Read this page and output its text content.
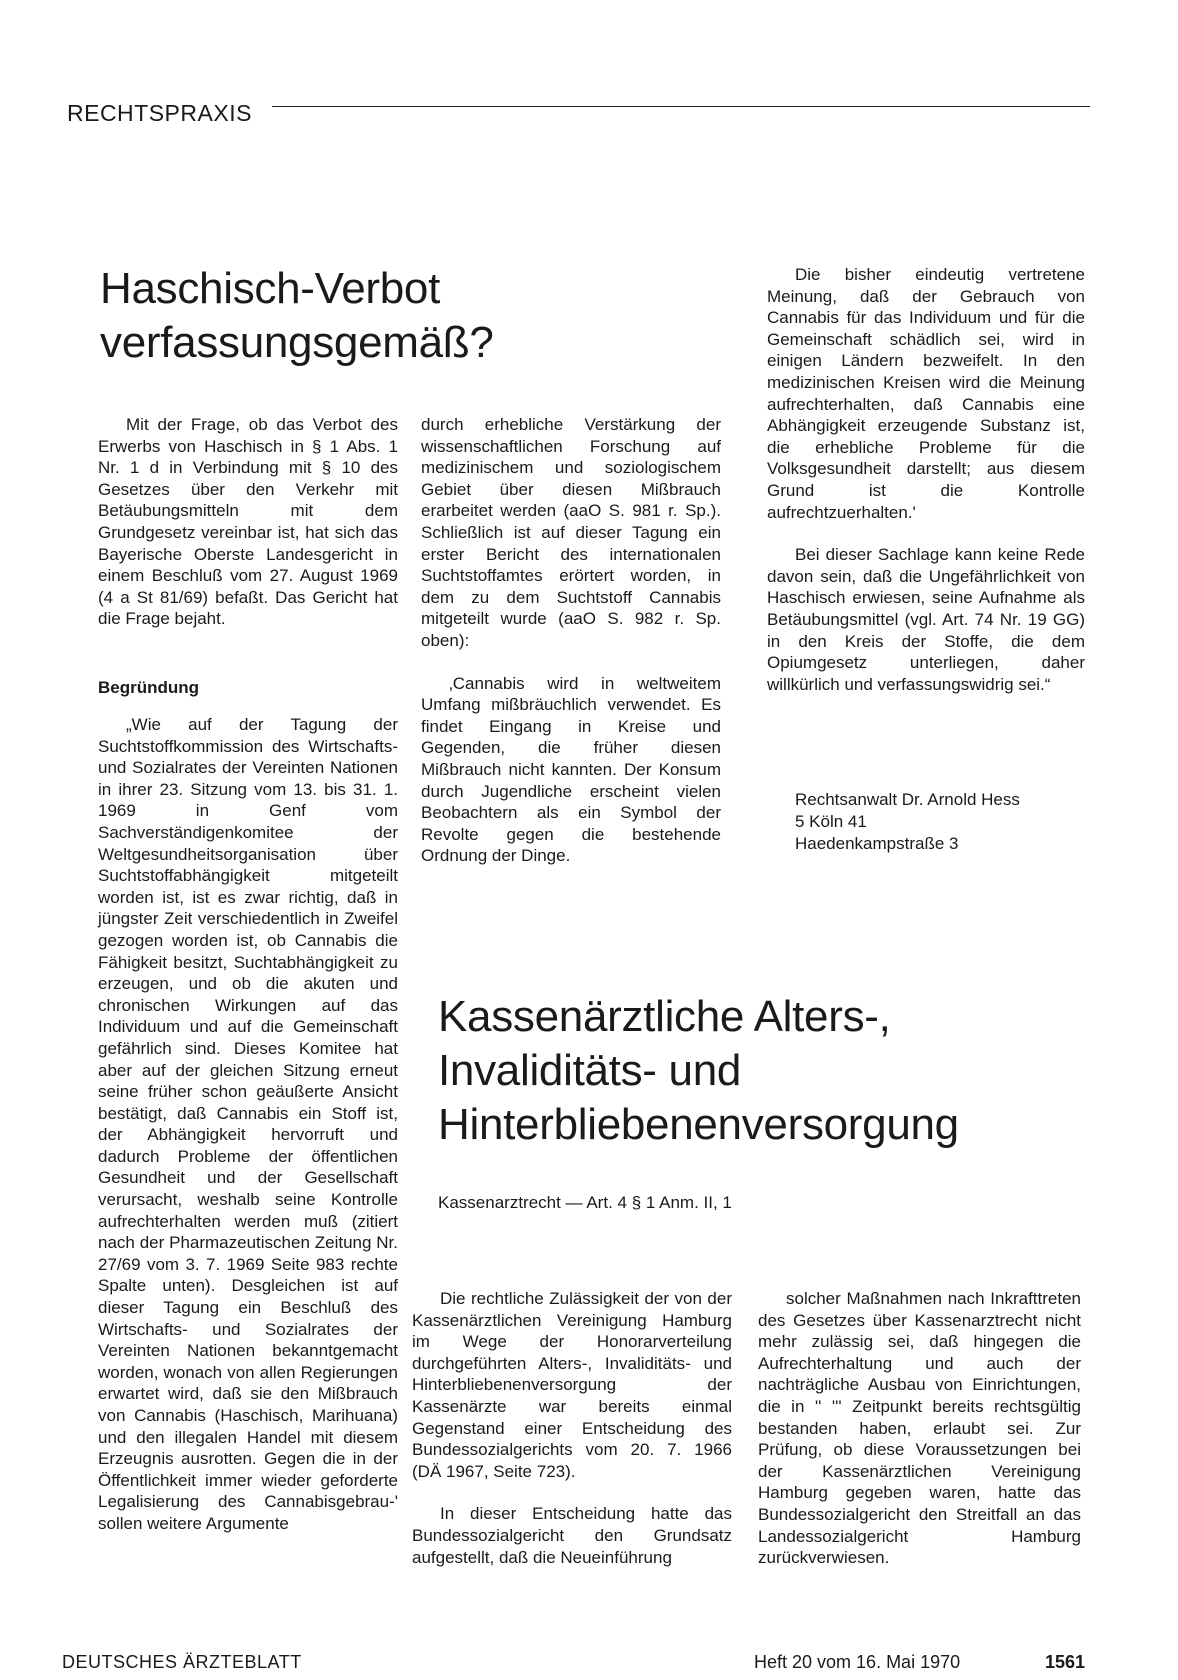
RECHTSPRAXIS
Haschisch-Verbot
verfassungsgemäß?

Mit der Frage, ob das Verbot des Erwerbs von Haschisch in § 1 Abs. 1 Nr. 1 d in Verbindung mit § 10 des Gesetzes über den Verkehr mit Betäubungsmitteln mit dem Grundgesetz vereinbar ist, hat sich das Bayerische Oberste Landesgericht in einem Beschluß vom 27. August 1969 (4 a St 81/69) befaßt. Das Gericht hat die Frage bejaht.

Begründung

„Wie auf der Tagung der Suchtstoffkommission des Wirtschafts- und Sozialrates der Vereinten Nationen in ihrer 23. Sitzung vom 13. bis 31. 1. 1969 in Genf vom Sachverständigenkomitee der Weltgesundheitsorganisation über Suchtstoffabhängigkeit mitgeteilt worden ist, ist es zwar richtig, daß in jüngster Zeit verschiedentlich in Zweifel gezogen worden ist, ob Cannabis die Fähigkeit besitzt, Suchtabhängigkeit zu erzeugen, und ob die akuten und chronischen Wirkungen auf das Individuum und auf die Gemeinschaft gefährlich sind. Dieses Komitee hat aber auf der gleichen Sitzung erneut seine früher schon geäußerte Ansicht bestätigt, daß Cannabis ein Stoff ist, der Abhängigkeit hervorruft und dadurch Probleme der öffentlichen Gesundheit und der Gesellschaft verursacht, weshalb seine Kontrolle aufrechterhalten werden muß (zitiert nach der Pharmazeutischen Zeitung Nr. 27/69 vom 3. 7. 1969 Seite 983 rechte Spalte unten). Desgleichen ist auf dieser Tagung ein Beschluß des Wirtschafts- und Sozialrates der Vereinten Nationen bekanntgemacht worden, wonach von allen Regierungen erwartet wird, daß sie den Mißbrauch von Cannabis (Haschisch, Marihuana) und den illegalen Handel mit diesem Erzeugnis ausrotten. Gegen die in der Öffentlichkeit immer wieder geforderte Legalisierung des Cannabisgebrau-' sollen weitere Argumente

durch erhebliche Verstärkung der wissenschaftlichen Forschung auf medizinischem und soziologischem Gebiet über diesen Mißbrauch erarbeitet werden (aaO S. 981 r. Sp.). Schließlich ist auf dieser Tagung ein erster Bericht des internationalen Suchtstoffamtes erörtert worden, in dem zu dem Suchtstoff Cannabis mitgeteilt wurde (aaO S. 982 r. Sp. oben):

‚Cannabis wird in weltweitem Umfang mißbräuchlich verwendet. Es findet Eingang in Kreise und Gegenden, die früher diesen Mißbrauch nicht kannten. Der Konsum durch Jugendliche erscheint vielen Beobachtern als ein Symbol der Revolte gegen die bestehende Ordnung der Dinge.

Die bisher eindeutig vertretene Meinung, daß der Gebrauch von Cannabis für das Individuum und für die Gemeinschaft schädlich sei, wird in einigen Ländern bezweifelt. In den medizinischen Kreisen wird die Meinung aufrechterhalten, daß Cannabis eine Abhängigkeit erzeugende Substanz ist, die erhebliche Probleme für die Volksgesundheit darstellt; aus diesem Grund ist die Kontrolle aufrechtzuerhalten.'

Bei dieser Sachlage kann keine Rede davon sein, daß die Ungefährlichkeit von Haschisch erwiesen, seine Aufnahme als Betäubungsmittel (vgl. Art. 74 Nr. 19 GG) in den Kreis der Stoffe, die dem Opiumgesetz unterliegen, daher willkürlich und verfassungswidrig sei.“

Rechtsanwalt Dr. Arnold Hess
5 Köln 41
Haedenkampstraße 3
Kassenärztliche Alters-,
Invaliditäts- und
Hinterbliebenenversorgung
Kassenarztrecht — Art. 4 § 1 Anm. II, 1

Die rechtliche Zulässigkeit der von der Kassenärztlichen Vereinigung Hamburg im Wege der Honorarverteilung durchgeführten Alters-, Invaliditäts- und Hinterbliebenenversorgung der Kassenärzte war bereits einmal Gegenstand einer Entscheidung des Bundessozialgerichts vom 20. 7. 1966 (DÄ 1967, Seite 723).

In dieser Entscheidung hatte das Bundessozialgericht den Grundsatz aufgestellt, daß die Neueinführung

solcher Maßnahmen nach Inkrafttreten des Gesetzes über Kassenarztrecht nicht mehr zulässig sei, daß hingegen die Aufrechterhaltung und auch der nachträgliche Ausbau von Einrichtungen, die in '' ''' Zeitpunkt bereits rechtsgültig bestanden haben, erlaubt sei. Zur Prüfung, ob diese Voraussetzungen bei der Kassenärztlichen Vereinigung Hamburg gegeben waren, hatte das Bundessozialgericht den Streitfall an das Landessozialgericht Hamburg zurückverwiesen.

DEUTSCHES ÄRZTEBLATT	Heft 20 vom 16. Mai 1970	1561
